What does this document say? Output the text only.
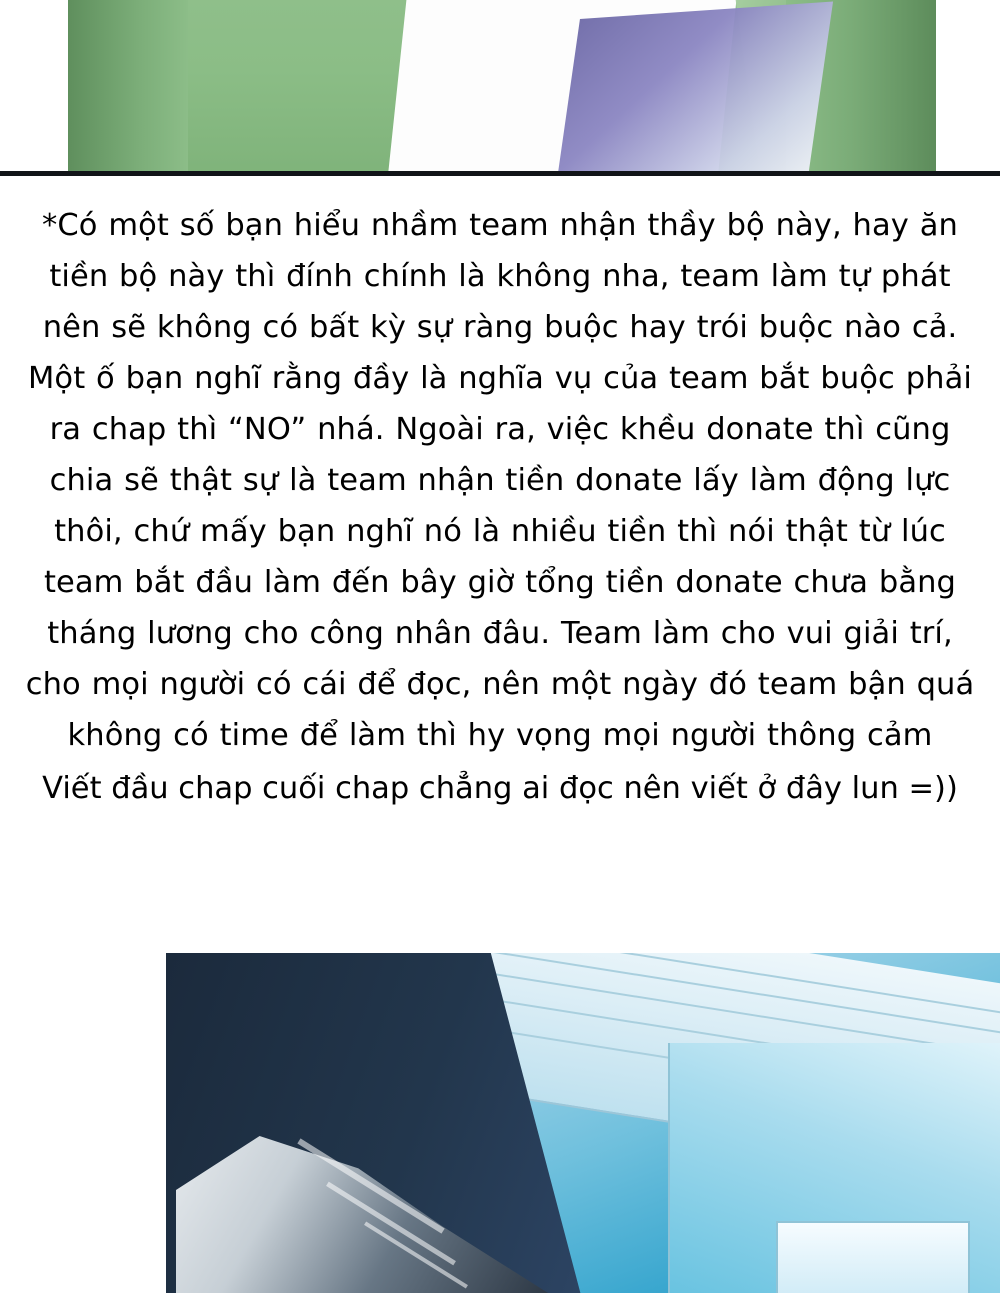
*Có một số bạn hiểu nhầm team nhận thầy bộ này, hay ăn tiền bộ này thì đính chính là không nha, team làm tự phát nên sẽ không có bất kỳ sự ràng buộc hay trói buộc nào cả. Một ố bạn nghĩ rằng đầy là nghĩa vụ của team bắt buộc phải ra chap thì “NO” nhá. Ngoài ra, việc khều donate thì cũng chia sẽ thật sự là team nhận tiền donate lấy làm động lực thôi, chứ mấy bạn nghĩ nó là nhiều tiền thì nói thật từ lúc team bắt đầu làm đến bây giờ tổng tiền donate chưa bằng tháng lương cho công nhân đâu. Team làm cho vui giải trí, cho mọi người có cái để đọc, nên một ngày đó team bận quá không có time để làm thì hy vọng mọi người thông cảm
Viết đầu chap cuối chap chẳng ai đọc nên viết ở đây lun =))
